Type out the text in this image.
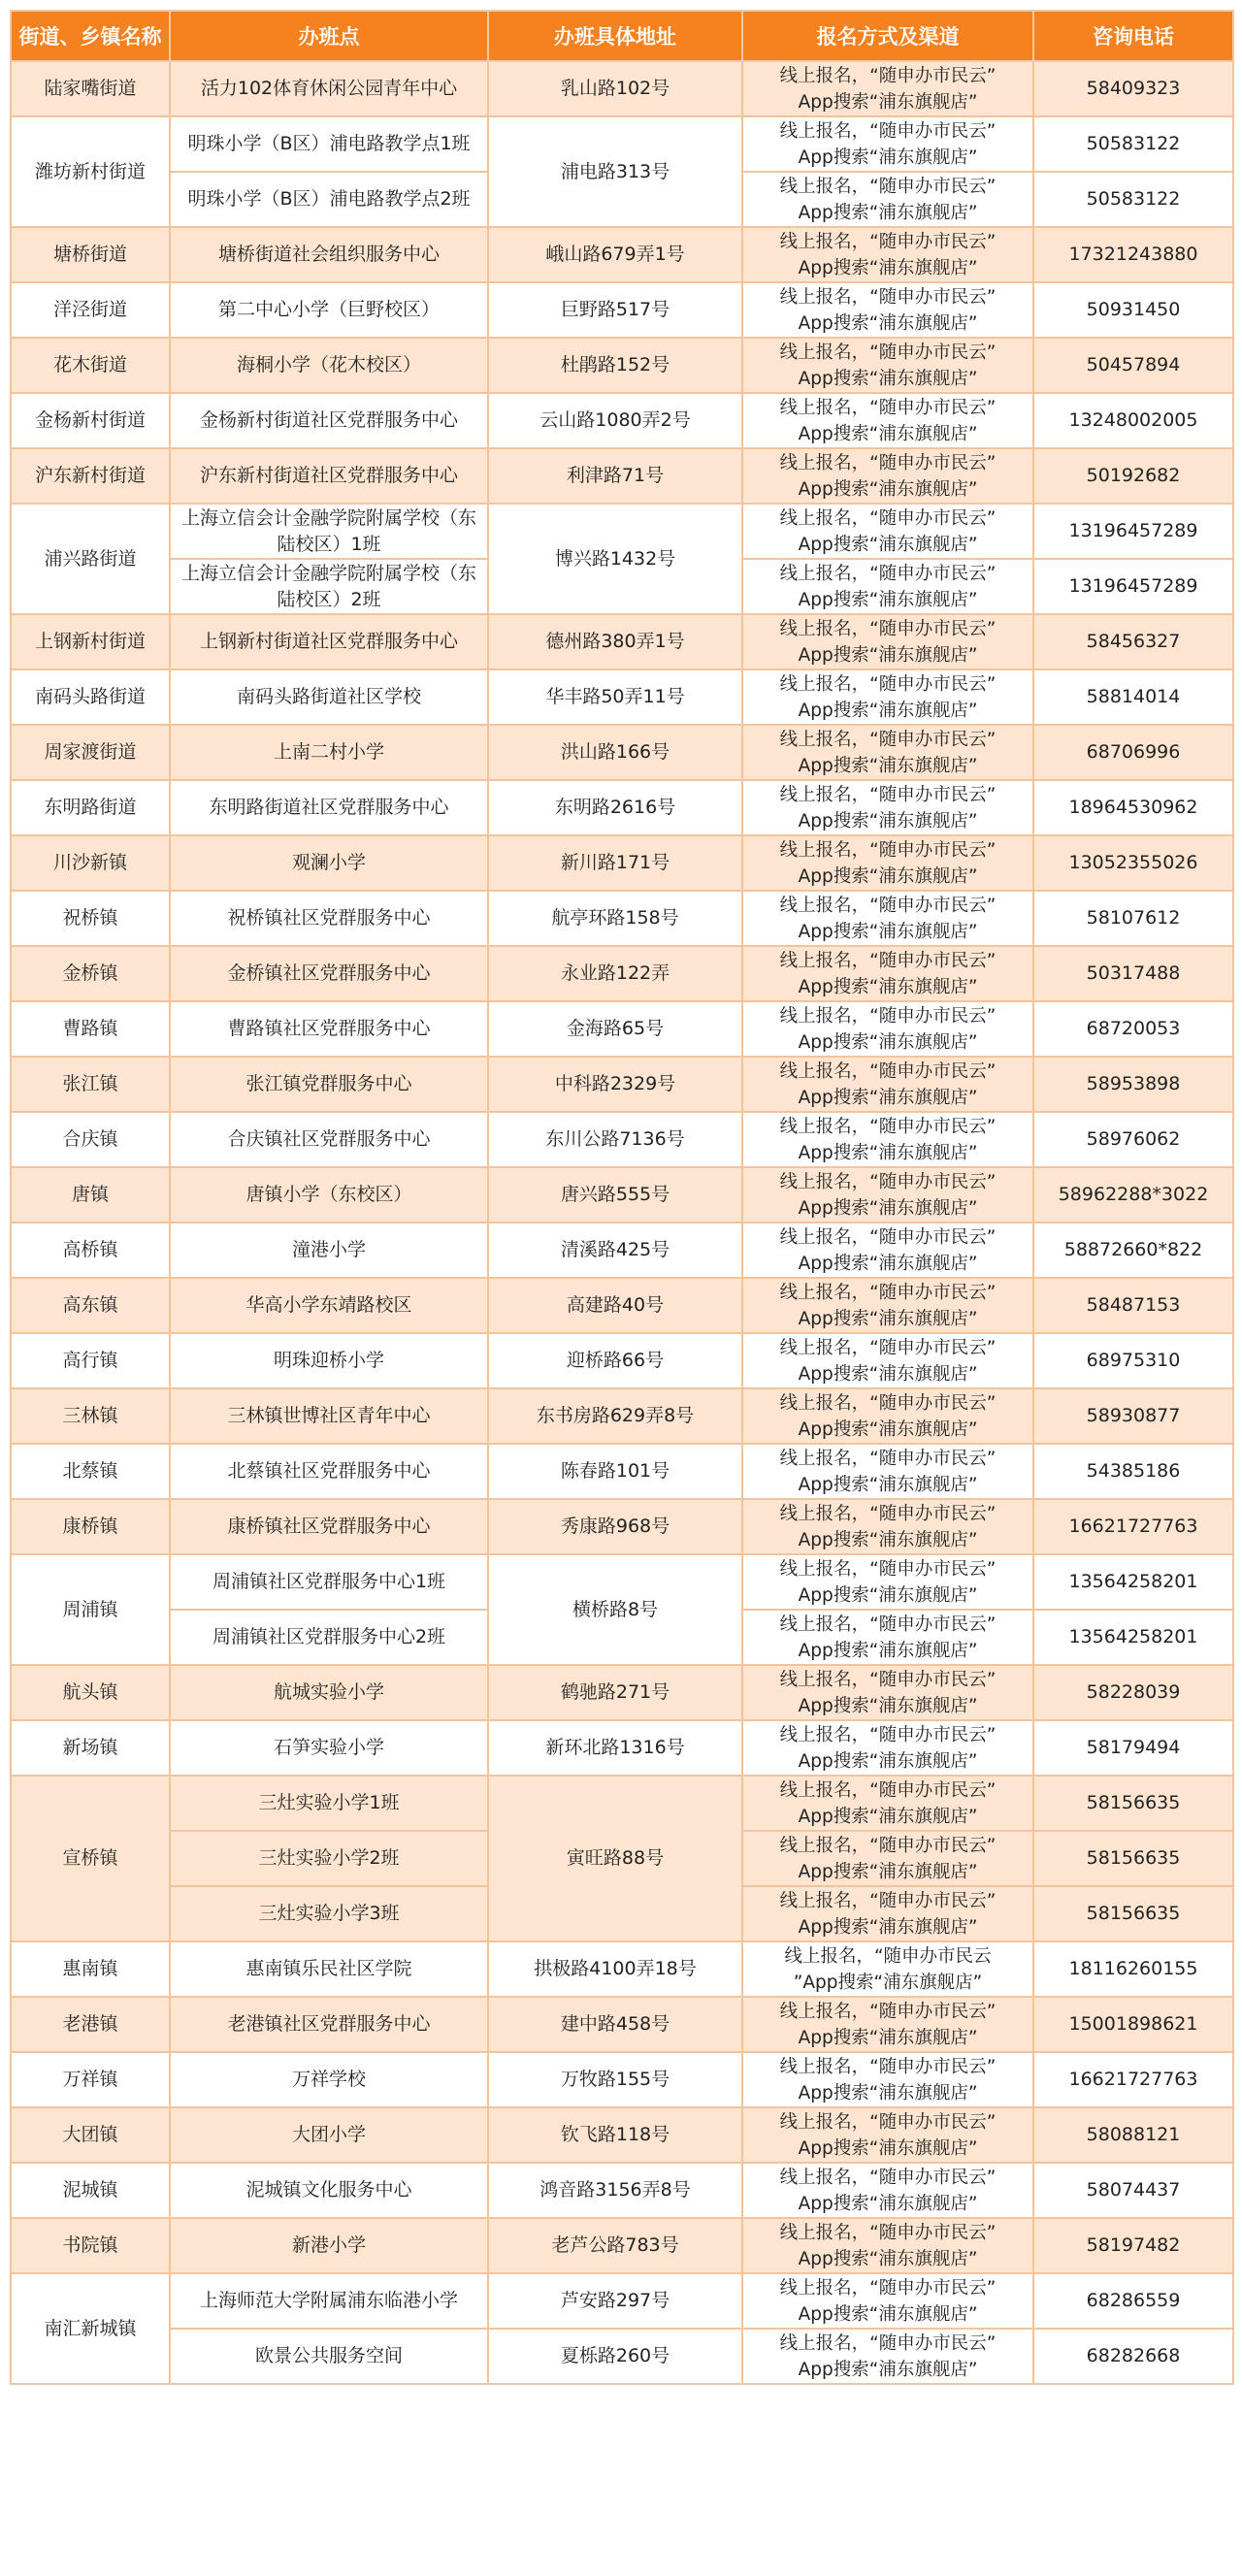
街道、乡镇名称	办班点	办班具体地址	报名方式及渠道	咨询电话
陆家嘴街道	活力102体育休闲公园青年中心	乳山路102号	线上报名，“随申办市民云”
App搜索“浦东旗舰店”	58409323
潍坊新村街道	明珠小学（B区）浦电路教学点1班	浦电路313号	线上报名，“随申办市民云”
App搜索“浦东旗舰店”	50583122
	明珠小学（B区）浦电路教学点2班		线上报名，“随申办市民云”
App搜索“浦东旗舰店”	50583122
塘桥街道	塘桥街道社会组织服务中心	峨山路679弄1号	线上报名，“随申办市民云”
App搜索“浦东旗舰店”	17321243880
洋泾街道	第二中心小学（巨野校区）	巨野路517号	线上报名，“随申办市民云”
App搜索“浦东旗舰店”	50931450
花木街道	海桐小学（花木校区）	杜鹃路152号	线上报名，“随申办市民云”
App搜索“浦东旗舰店”	50457894
金杨新村街道	金杨新村街道社区党群服务中心	云山路1080弄2号	线上报名，“随申办市民云”
App搜索“浦东旗舰店”	13248002005
沪东新村街道	沪东新村街道社区党群服务中心	利津路71号	线上报名，“随申办市民云”
App搜索“浦东旗舰店”	50192682
浦兴路街道	上海立信会计金融学院附属学校（东陆校区）1班	博兴路1432号	线上报名，“随申办市民云”
App搜索“浦东旗舰店”	13196457289
	上海立信会计金融学院附属学校（东陆校区）2班		线上报名，“随申办市民云”
App搜索“浦东旗舰店”	13196457289
上钢新村街道	上钢新村街道社区党群服务中心	德州路380弄1号	线上报名，“随申办市民云”
App搜索“浦东旗舰店”	58456327
南码头路街道	南码头路街道社区学校	华丰路50弄11号	线上报名，“随申办市民云”
App搜索“浦东旗舰店”	58814014
周家渡街道	上南二村小学	洪山路166号	线上报名，“随申办市民云”
App搜索“浦东旗舰店”	68706996
东明路街道	东明路街道社区党群服务中心	东明路2616号	线上报名，“随申办市民云”
App搜索“浦东旗舰店”	18964530962
川沙新镇	观澜小学	新川路171号	线上报名，“随申办市民云”
App搜索“浦东旗舰店”	13052355026
祝桥镇	祝桥镇社区党群服务中心	航亭环路158号	线上报名，“随申办市民云”
App搜索“浦东旗舰店”	58107612
金桥镇	金桥镇社区党群服务中心	永业路122弄	线上报名，“随申办市民云”
App搜索“浦东旗舰店”	50317488
曹路镇	曹路镇社区党群服务中心	金海路65号	线上报名，“随申办市民云”
App搜索“浦东旗舰店”	68720053
张江镇	张江镇党群服务中心	中科路2329号	线上报名，“随申办市民云”
App搜索“浦东旗舰店”	58953898
合庆镇	合庆镇社区党群服务中心	东川公路7136号	线上报名，“随申办市民云”
App搜索“浦东旗舰店”	58976062
唐镇	唐镇小学（东校区）	唐兴路555号	线上报名，“随申办市民云”
App搜索“浦东旗舰店”	58962288*3022
高桥镇	潼港小学	清溪路425号	线上报名，“随申办市民云”
App搜索“浦东旗舰店”	58872660*822
高东镇	华高小学东靖路校区	高建路40号	线上报名，“随申办市民云”
App搜索“浦东旗舰店”	58487153
高行镇	明珠迎桥小学	迎桥路66号	线上报名，“随申办市民云”
App搜索“浦东旗舰店”	68975310
三林镇	三林镇世博社区青年中心	东书房路629弄8号	线上报名，“随申办市民云”
App搜索“浦东旗舰店”	58930877
北蔡镇	北蔡镇社区党群服务中心	陈春路101号	线上报名，“随申办市民云”
App搜索“浦东旗舰店”	54385186
康桥镇	康桥镇社区党群服务中心	秀康路968号	线上报名，“随申办市民云”
App搜索“浦东旗舰店”	16621727763
周浦镇	周浦镇社区党群服务中心1班	横桥路8号	线上报名，“随申办市民云”
App搜索“浦东旗舰店”	13564258201
	周浦镇社区党群服务中心2班		线上报名，“随申办市民云”
App搜索“浦东旗舰店”	13564258201
航头镇	航城实验小学	鹤驰路271号	线上报名，“随申办市民云”
App搜索“浦东旗舰店”	58228039
新场镇	石笋实验小学	新环北路1316号	线上报名，“随申办市民云”
App搜索“浦东旗舰店”	58179494
宣桥镇	三灶实验小学1班	寅旺路88号	线上报名，“随申办市民云”
App搜索“浦东旗舰店”	58156635
	三灶实验小学2班		线上报名，“随申办市民云”
App搜索“浦东旗舰店”	58156635
	三灶实验小学3班		线上报名，“随申办市民云”
App搜索“浦东旗舰店”	58156635
惠南镇	惠南镇乐民社区学院	拱极路4100弄18号	线上报名，“随申办市民云
”App搜索“浦东旗舰店”	18116260155
老港镇	老港镇社区党群服务中心	建中路458号	线上报名，“随申办市民云”
App搜索“浦东旗舰店”	15001898621
万祥镇	万祥学校	万牧路155号	线上报名，“随申办市民云”
App搜索“浦东旗舰店”	16621727763
大团镇	大团小学	钦飞路118号	线上报名，“随申办市民云”
App搜索“浦东旗舰店”	58088121
泥城镇	泥城镇文化服务中心	鸿音路3156弄8号	线上报名，“随申办市民云”
App搜索“浦东旗舰店”	58074437
书院镇	新港小学	老芦公路783号	线上报名，“随申办市民云”
App搜索“浦东旗舰店”	58197482
南汇新城镇	上海师范大学附属浦东临港小学	芦安路297号	线上报名，“随申办市民云”
App搜索“浦东旗舰店”	68286559
	欧景公共服务空间	夏栎路260号	线上报名，“随申办市民云”
App搜索“浦东旗舰店”	68282668
